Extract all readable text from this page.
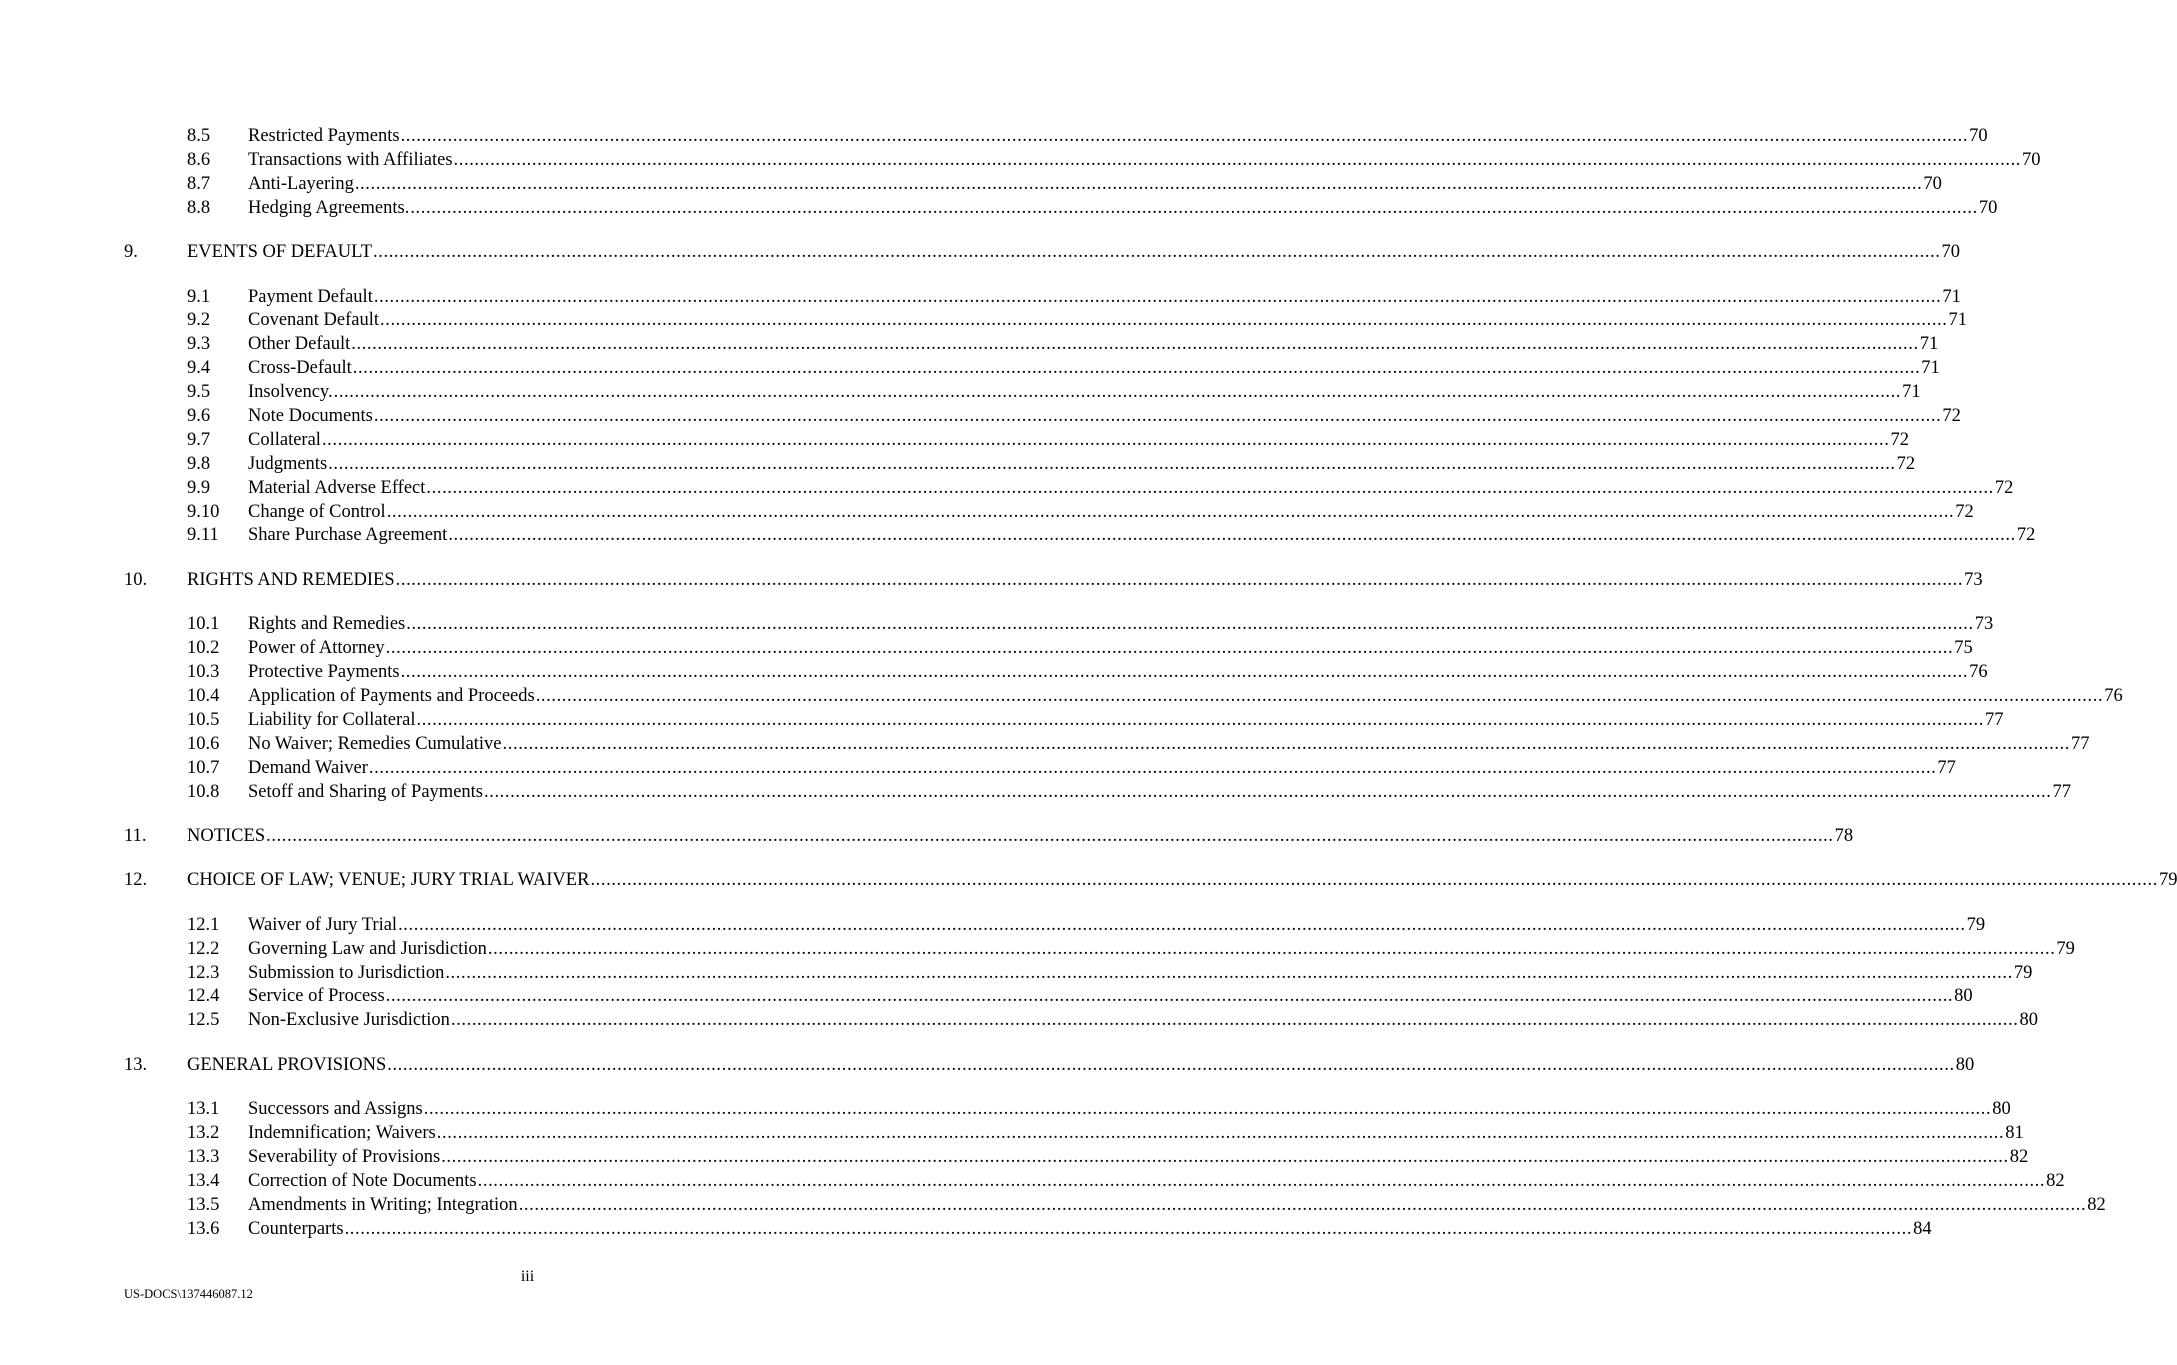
8.5 Restricted Payments ............................................................................................................................................................................................................................................................................................................ 70
8.6 Transactions with Affiliates ............................................................................................................................................................................................................................................................................................................ 70
8.7 Anti-Layering ............................................................................................................................................................................................................................................................................................................ 70
8.8 Hedging Agreements. ............................................................................................................................................................................................................................................................................................................ 70
9.	EVENTS OF DEFAULT ............................................................................................................................................................................................................................................................................................................ 70
9.1 Payment Default ............................................................................................................................................................................................................................................................................................................ 71
9.2 Covenant Default ............................................................................................................................................................................................................................................................................................................ 71
9.3 Other Default ............................................................................................................................................................................................................................................................................................................ 71
9.4 Cross-Default ............................................................................................................................................................................................................................................................................................................ 71
9.5 Insolvency. ............................................................................................................................................................................................................................................................................................................ 71
9.6 Note Documents ............................................................................................................................................................................................................................................................................................................ 72
9.7 Collateral ............................................................................................................................................................................................................................................................................................................ 72
9.8 Judgments ............................................................................................................................................................................................................................................................................................................ 72
9.9 Material Adverse Effect ............................................................................................................................................................................................................................................................................................................ 72
9.10 Change of Control ............................................................................................................................................................................................................................................................................................................ 72
9.11 Share Purchase Agreement ............................................................................................................................................................................................................................................................................................................ 72
10. RIGHTS AND REMEDIES ............................................................................................................................................................................................................................................................................................................ 73
10.1 Rights and Remedies ............................................................................................................................................................................................................................................................................................................ 73
10.2 Power of Attorney ............................................................................................................................................................................................................................................................................................................ 75
10.3 Protective Payments ............................................................................................................................................................................................................................................................................................................ 76
10.4 Application of Payments and Proceeds ............................................................................................................................................................................................................................................................................................................ 76
10.5 Liability for Collateral ............................................................................................................................................................................................................................................................................................................ 77
10.6 No Waiver; Remedies Cumulative ............................................................................................................................................................................................................................................................................................................ 77
10.7 Demand Waiver ............................................................................................................................................................................................................................................................................................................ 77
10.8 Setoff and Sharing of Payments ............................................................................................................................................................................................................................................................................................................ 77
11. NOTICES ............................................................................................................................................................................................................................................................................................................ 78
12. CHOICE OF LAW; VENUE; JURY TRIAL WAIVER ............................................................................................................................................................................................................................................................................................................ 79
12.1 Waiver of Jury Trial ............................................................................................................................................................................................................................................................................................................ 79
12.2 Governing Law and Jurisdiction ............................................................................................................................................................................................................................................................................................................ 79
12.3 Submission to Jurisdiction ............................................................................................................................................................................................................................................................................................................ 79
12.4 Service of Process ............................................................................................................................................................................................................................................................................................................ 80
12.5 Non-Exclusive Jurisdiction ............................................................................................................................................................................................................................................................................................................ 80
13. GENERAL PROVISIONS ............................................................................................................................................................................................................................................................................................................ 80
13.1 Successors and Assigns ............................................................................................................................................................................................................................................................................................................ 80
13.2 Indemnification; Waivers ............................................................................................................................................................................................................................................................................................................ 81
13.3 Severability of Provisions ............................................................................................................................................................................................................................................................................................................ 82
13.4 Correction of Note Documents ............................................................................................................................................................................................................................................................................................................ 82
13.5 Amendments in Writing; Integration ............................................................................................................................................................................................................................................................................................................ 82
13.6 Counterparts ............................................................................................................................................................................................................................................................................................................ 84
iii
US-DOCS\137446087.12
